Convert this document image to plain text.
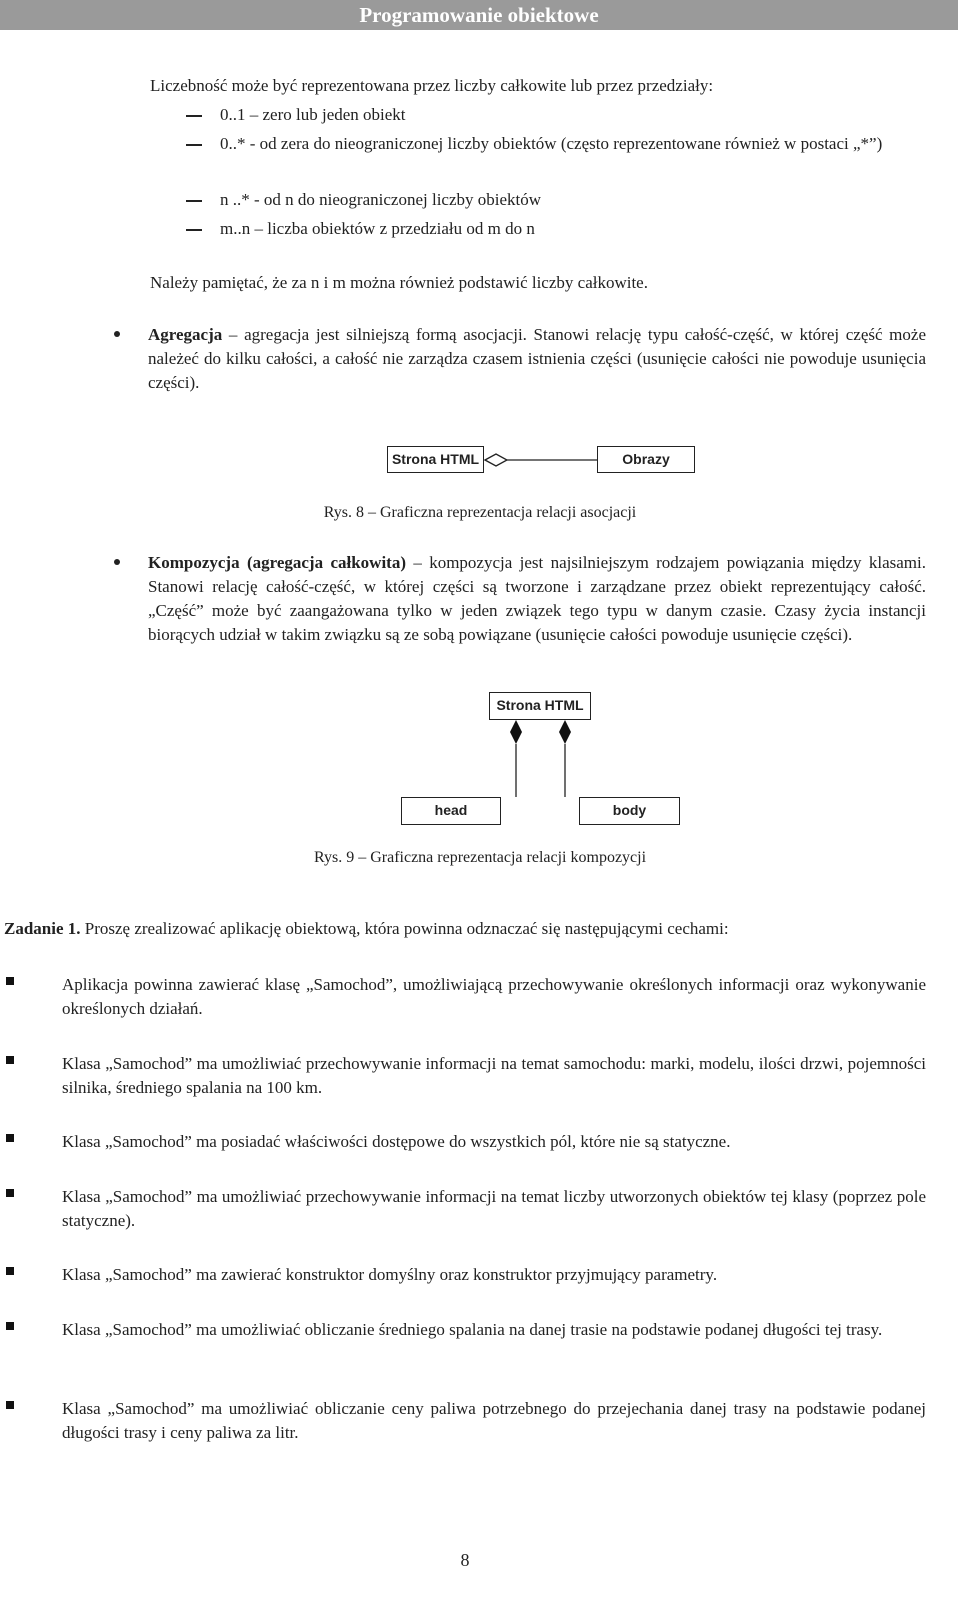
Programowanie obiektowe
Liczebność może być reprezentowana przez liczby całkowite lub przez przedziały:
0..1 – zero lub jeden obiekt
0..* - od zera do nieograniczonej liczby obiektów (często reprezentowane również w postaci „*”)
n ..* - od n do nieograniczonej liczby obiektów
m..n – liczba obiektów z przedziału od m do n
Należy pamiętać, że za n i m można również podstawić liczby całkowite.
Agregacja – agregacja jest silniejszą formą asocjacji. Stanowi relację typu całość-część, w której część może należeć do kilku całości, a całość nie zarządza czasem istnienia części (usunięcie całości nie powoduje usunięcia części).
Strona HTML	Obrazy
Rys. 8 – Graficzna reprezentacja relacji asocjacji
Kompozycja (agregacja całkowita) – kompozycja jest najsilniejszym rodzajem powiązania między klasami. Stanowi relację całość-część, w której części są tworzone i zarządzane przez obiekt reprezentujący całość. „Część” może być zaangażowana tylko w jeden związek tego typu w danym czasie. Czasy życia instancji biorących udział w takim związku są ze sobą powiązane (usunięcie całości powoduje usunięcie części).
Strona HTML
head	body
Rys. 9 – Graficzna reprezentacja relacji kompozycji
Zadanie 1. Proszę zrealizować aplikację obiektową, która powinna odznaczać się następującymi cechami:
Aplikacja powinna zawierać klasę „Samochod”, umożliwiającą przechowywanie określonych informacji oraz wykonywanie określonych działań.
Klasa „Samochod” ma umożliwiać przechowywanie informacji na temat samochodu: marki, modelu, ilości drzwi, pojemności silnika, średniego spalania na 100 km.
Klasa „Samochod” ma posiadać właściwości dostępowe do wszystkich pól, które nie są statyczne.
Klasa „Samochod” ma umożliwiać przechowywanie informacji na temat liczby utworzonych obiektów tej klasy (poprzez pole statyczne).
Klasa „Samochod” ma zawierać konstruktor domyślny oraz konstruktor przyjmujący parametry.
Klasa „Samochod” ma umożliwiać obliczanie średniego spalania na danej trasie na podstawie podanej długości tej trasy.
Klasa „Samochod” ma umożliwiać obliczanie ceny paliwa potrzebnego do przejechania danej trasy na podstawie podanej długości trasy i ceny paliwa za litr.
8
